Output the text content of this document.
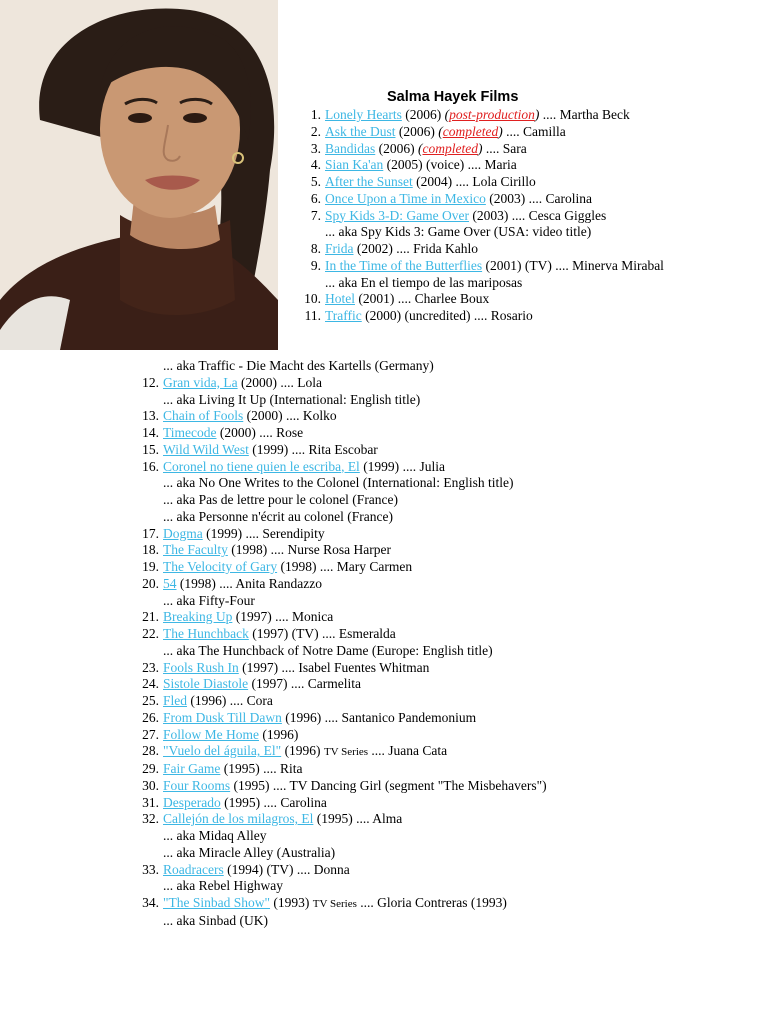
Salma Hayek Films
1. Lonely Hearts (2006) (post-production) .... Martha Beck
2. Ask the Dust (2006) (completed) .... Camilla
3. Bandidas (2006) (completed) .... Sara
4. Sian Ka'an (2005) (voice) .... Maria
5. After the Sunset (2004) .... Lola Cirillo
6. Once Upon a Time in Mexico (2003) .... Carolina
7. Spy Kids 3-D: Game Over (2003) .... Cesca Giggles
... aka Spy Kids 3: Game Over (USA: video title)
8. Frida (2002) .... Frida Kahlo
9. In the Time of the Butterflies (2001) (TV) .... Minerva Mirabal
... aka En el tiempo de las mariposas
10. Hotel (2001) .... Charlee Boux
11. Traffic (2000) (uncredited) .... Rosario
... aka Traffic - Die Macht des Kartells (Germany)
12. Gran vida, La (2000) .... Lola
... aka Living It Up (International: English title)
13. Chain of Fools (2000) .... Kolko
14. Timecode (2000) .... Rose
15. Wild Wild West (1999) .... Rita Escobar
16. Coronel no tiene quien le escriba, El (1999) .... Julia
... aka No One Writes to the Colonel (International: English title)
... aka Pas de lettre pour le colonel (France)
... aka Personne n'écrit au colonel (France)
17. Dogma (1999) .... Serendipity
18. The Faculty (1998) .... Nurse Rosa Harper
19. The Velocity of Gary (1998) .... Mary Carmen
20. 54 (1998) .... Anita Randazzo
... aka Fifty-Four
21. Breaking Up (1997) .... Monica
22. The Hunchback (1997) (TV) .... Esmeralda
... aka The Hunchback of Notre Dame (Europe: English title)
23. Fools Rush In (1997) .... Isabel Fuentes Whitman
24. Sistole Diastole (1997) .... Carmelita
25. Fled (1996) .... Cora
26. From Dusk Till Dawn (1996) .... Santanico Pandemonium
27. Follow Me Home (1996)
28. "Vuelo del águila, El" (1996) TV Series .... Juana Cata
29. Fair Game (1995) .... Rita
30. Four Rooms (1995) .... TV Dancing Girl (segment "The Misbehavers")
31. Desperado (1995) .... Carolina
32. Callejón de los milagros, El (1995) .... Alma
... aka Midaq Alley
... aka Miracle Alley (Australia)
33. Roadracers (1994) (TV) .... Donna
... aka Rebel Highway
34. "The Sinbad Show" (1993) TV Series .... Gloria Contreras (1993)
... aka Sinbad (UK)
